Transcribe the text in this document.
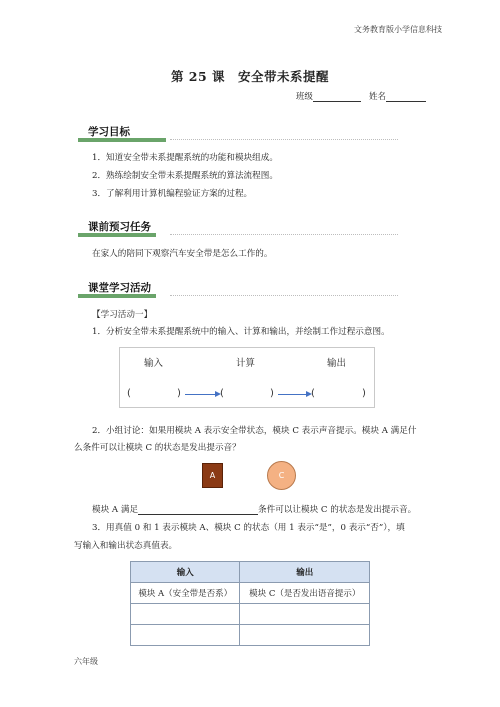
文务教育版小学信息科技
第 25 课　安全带未系提醒
班级	姓名
学习目标
1．知道安全带未系提醒系统的功能和模块组成。
2．熟练绘制安全带未系提醒系统的算法流程图。
3．了解利用计算机编程验证方案的过程。
课前预习任务
在家人的陪同下观察汽车安全带是怎么工作的。
课堂学习活动
【学习活动一】
1．分析安全带未系提醒系统中的输入、计算和输出，并绘制工作过程示意图。
输入	计算	输出
(	)	(	)	(	)
2．小组讨论：如果用模块 A 表示安全带状态，模块 C 表示声音提示。模块 A 满足什
么条件可以让模块 C 的状态是发出提示音？
A	C
模块 A 满足	条件可以让模块 C 的状态是发出提示音。
3．用真值 0 和 1 表示模块 A、模块 C 的状态（用 1 表示“是”，0 表示“否”），填
写输入和输出状态真值表。
输入	输出
模块 A（安全带是否系）	模块 C（是否发出语音提示）

六年级
